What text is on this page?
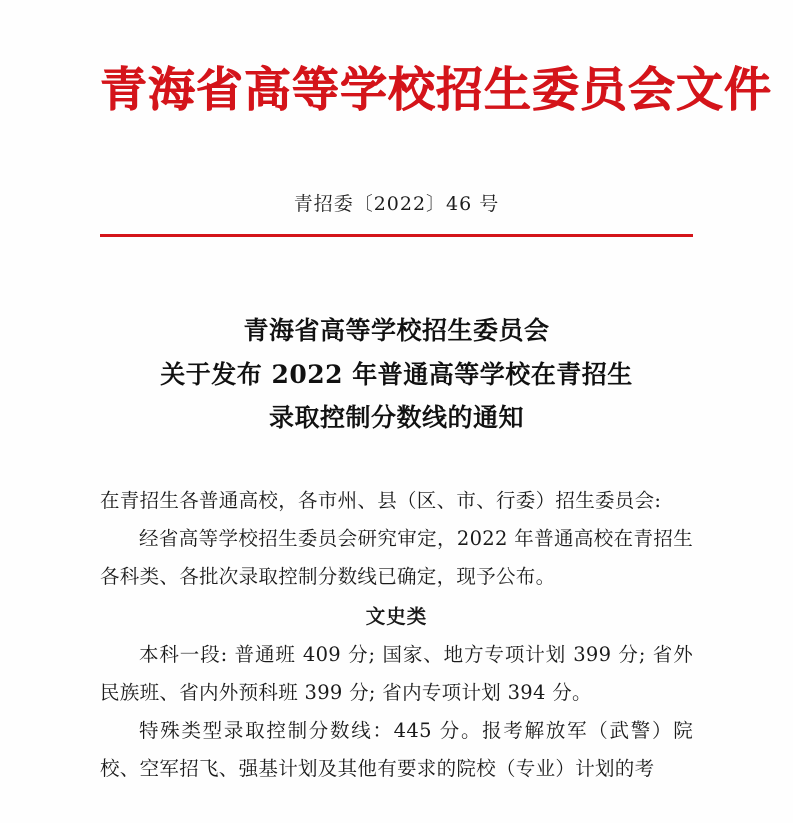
青海省高等学校招生委员会文件
青招委〔2022〕46 号
青海省高等学校招生委员会
关于发布 2022 年普通高等学校在青招生
录取控制分数线的通知

在青招生各普通高校，各市州、县（区、市、行委）招生委员会:

经省高等学校招生委员会研究审定，2022 年普通高校在青招生各科类、各批次录取控制分数线已确定，现予公布。

文史类

本科一段: 普通班 409 分; 国家、地方专项计划 399 分; 省外民族班、省内外预科班 399 分; 省内专项计划 394 分。

特殊类型录取控制分数线：445 分。报考解放军（武警）院校、空军招飞、强基计划及其他有要求的院校（专业）计划的考
